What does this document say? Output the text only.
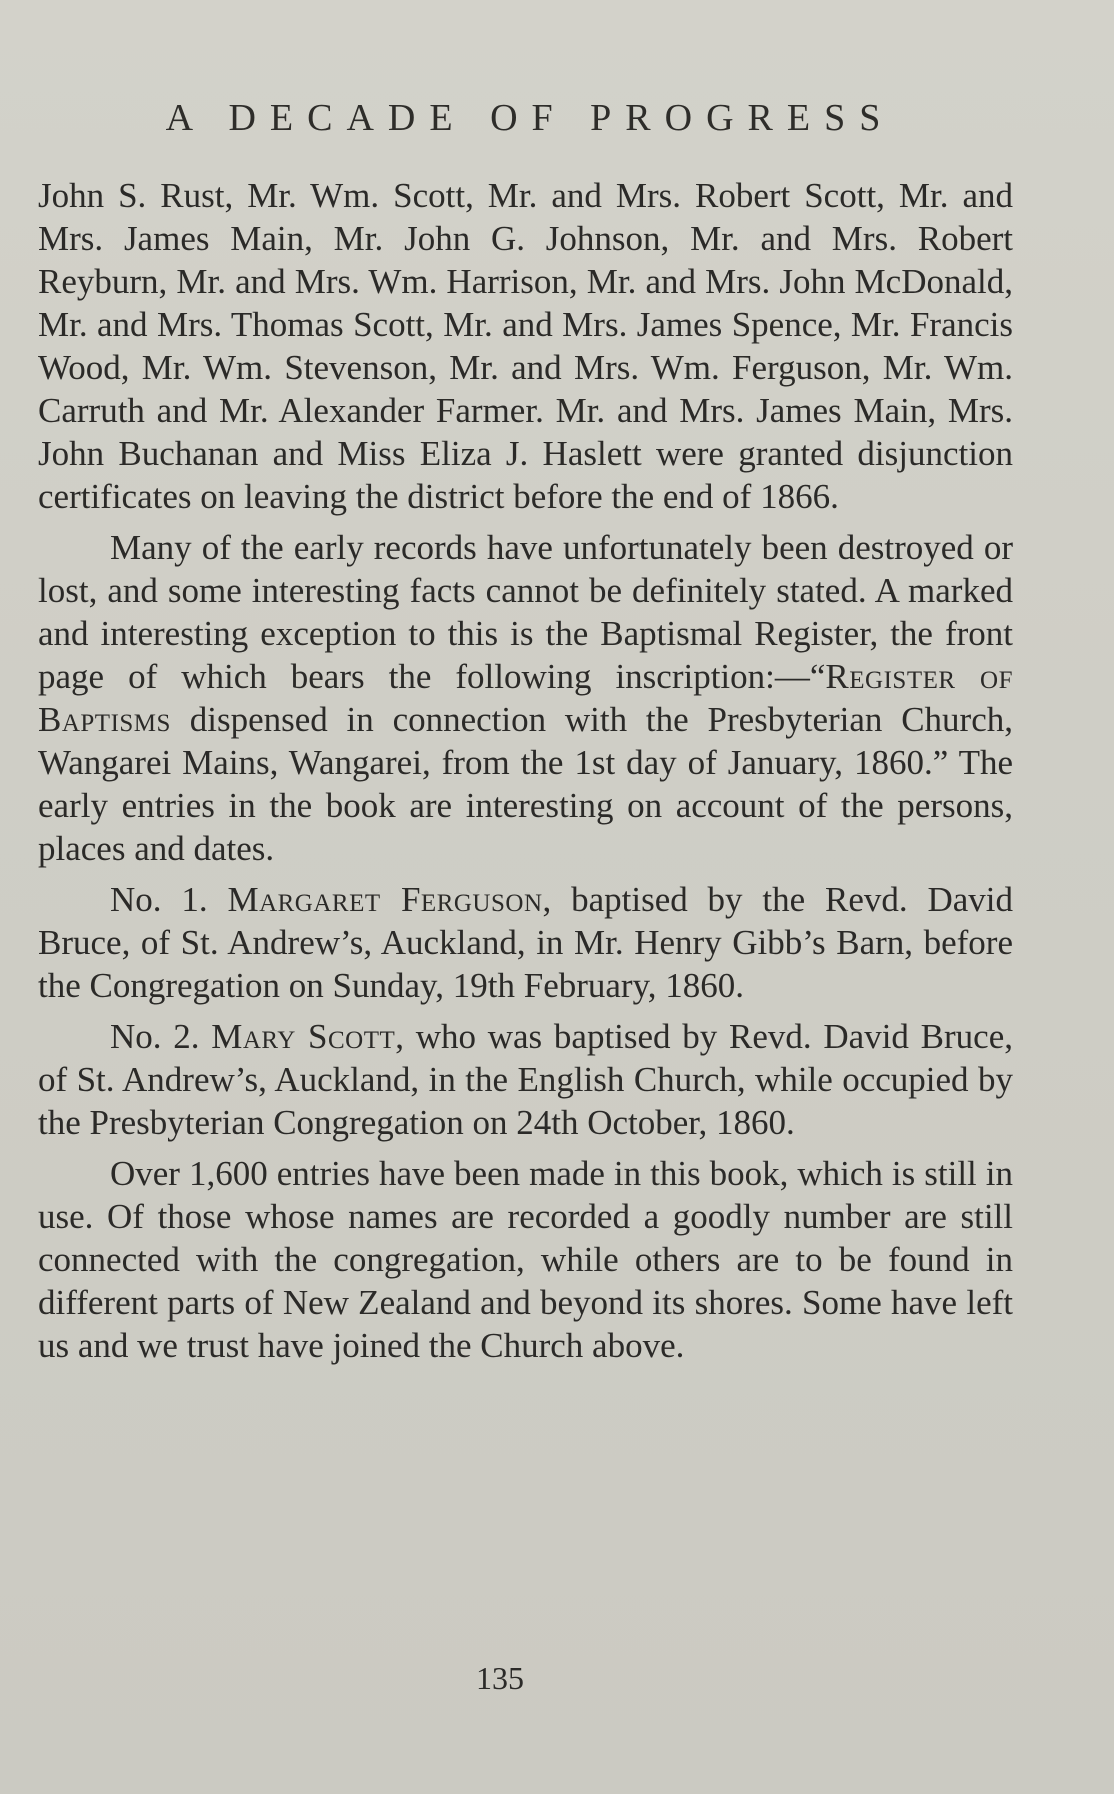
A DECADE OF PROGRESS

John S. Rust, Mr. Wm. Scott, Mr. and Mrs. Robert Scott, Mr. and Mrs. James Main, Mr. John G. Johnson, Mr. and Mrs. Robert Reyburn, Mr. and Mrs. Wm. Harrison, Mr. and Mrs. John McDonald, Mr. and Mrs. Thomas Scott, Mr. and Mrs. James Spence, Mr. Francis Wood, Mr. Wm. Stevenson, Mr. and Mrs. Wm. Ferguson, Mr. Wm. Carruth and Mr. Alexander Farmer. Mr. and Mrs. James Main, Mrs. John Buchanan and Miss Eliza J. Haslett were granted disjunction certificates on leaving the district before the end of 1866.

Many of the early records have unfortunately been destroyed or lost, and some interesting facts cannot be definitely stated. A marked and interesting exception to this is the Baptismal Register, the front page of which bears the following inscription:—“Register of Baptisms dispensed in connection with the Presbyterian Church, Wangarei Mains, Wangarei, from the 1st day of January, 1860.” The early entries in the book are interesting on account of the persons, places and dates.

No. 1. Margaret Ferguson, baptised by the Revd. David Bruce, of St. Andrew’s, Auckland, in Mr. Henry Gibb’s Barn, before the Congregation on Sunday, 19th February, 1860.

No. 2. Mary Scott, who was baptised by Revd. David Bruce, of St. Andrew’s, Auckland, in the English Church, while occupied by the Presbyterian Congregation on 24th October, 1860.

Over 1,600 entries have been made in this book, which is still in use. Of those whose names are recorded a goodly number are still connected with the congregation, while others are to be found in different parts of New Zealand and beyond its shores. Some have left us and we trust have joined the Church above.

135
